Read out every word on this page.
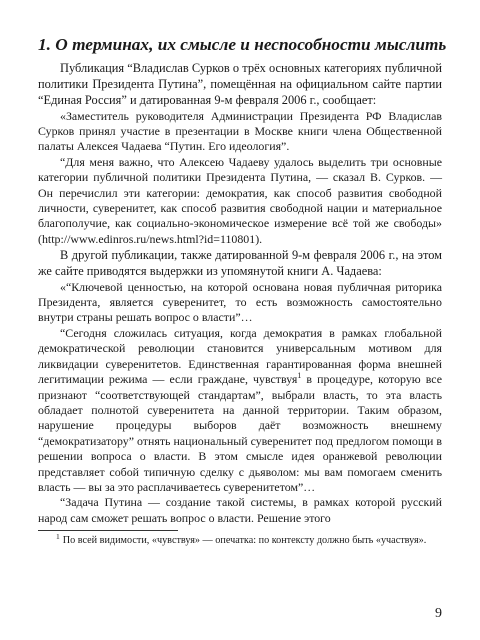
1. О терминах, их смысле и неспособности мыслить

Публикация “Владислав Сурков о трёх основных категориях публичной политики Президента Путина”, помещённая на официальном сайте партии “Единая Россия” и датированная 9-м февраля 2006 г., сообщает:

«Заместитель руководителя Администрации Президента РФ Владислав Сурков принял участие в презентации в Москве книги члена Общественной палаты Алексея Чадаева “Путин. Его идеология”.

“Для меня важно, что Алексею Чадаеву удалось выделить три основные категории публичной политики Президента Путина, — сказал В. Сурков. — Он перечислил эти категории: демократия, как способ развития свободной личности, суверенитет, как способ развития свободной нации и материальное благополучие, как социально-экономическое измерение всё той же свободы» (http://www.edinros.ru/news.html?id=110801).

В другой публикации, также датированной 9-м февраля 2006 г., на этом же сайте приводятся выдержки из упомянутой книги А. Чадаева:

«“Ключевой ценностью, на которой основана новая публичная риторика Президента, является суверенитет, то есть возможность самостоятельно внутри страны решать вопрос о власти”…

“Сегодня сложилась ситуация, когда демократия в рамках глобальной демократической революции становится универсальным мотивом для ликвидации суверенитетов. Единственная гарантированная форма внешней легитимации режима — если граждане, чувствуя$^1$ в процедуре, которую все признают “соответствующей стандартам”, выбрали власть, то эта власть обладает полнотой суверенитета на данной территории. Таким образом, нарушение процедуры выборов даёт возможность внешнему “демократизатору” отнять национальный суверенитет под предлогом помощи в решении вопроса о власти. В этом смысле идея оранжевой революции представляет собой типичную сделку с дьяволом: мы вам помогаем сменить власть — вы за это расплачиваетесь суверенитетом”…

“Задача Путина — создание такой системы, в рамках которой русский народ сам сможет решать вопрос о власти. Решение этого

$^1$ По всей видимости, «чувствуя» — опечатка: по контексту должно быть «участвуя».
9
